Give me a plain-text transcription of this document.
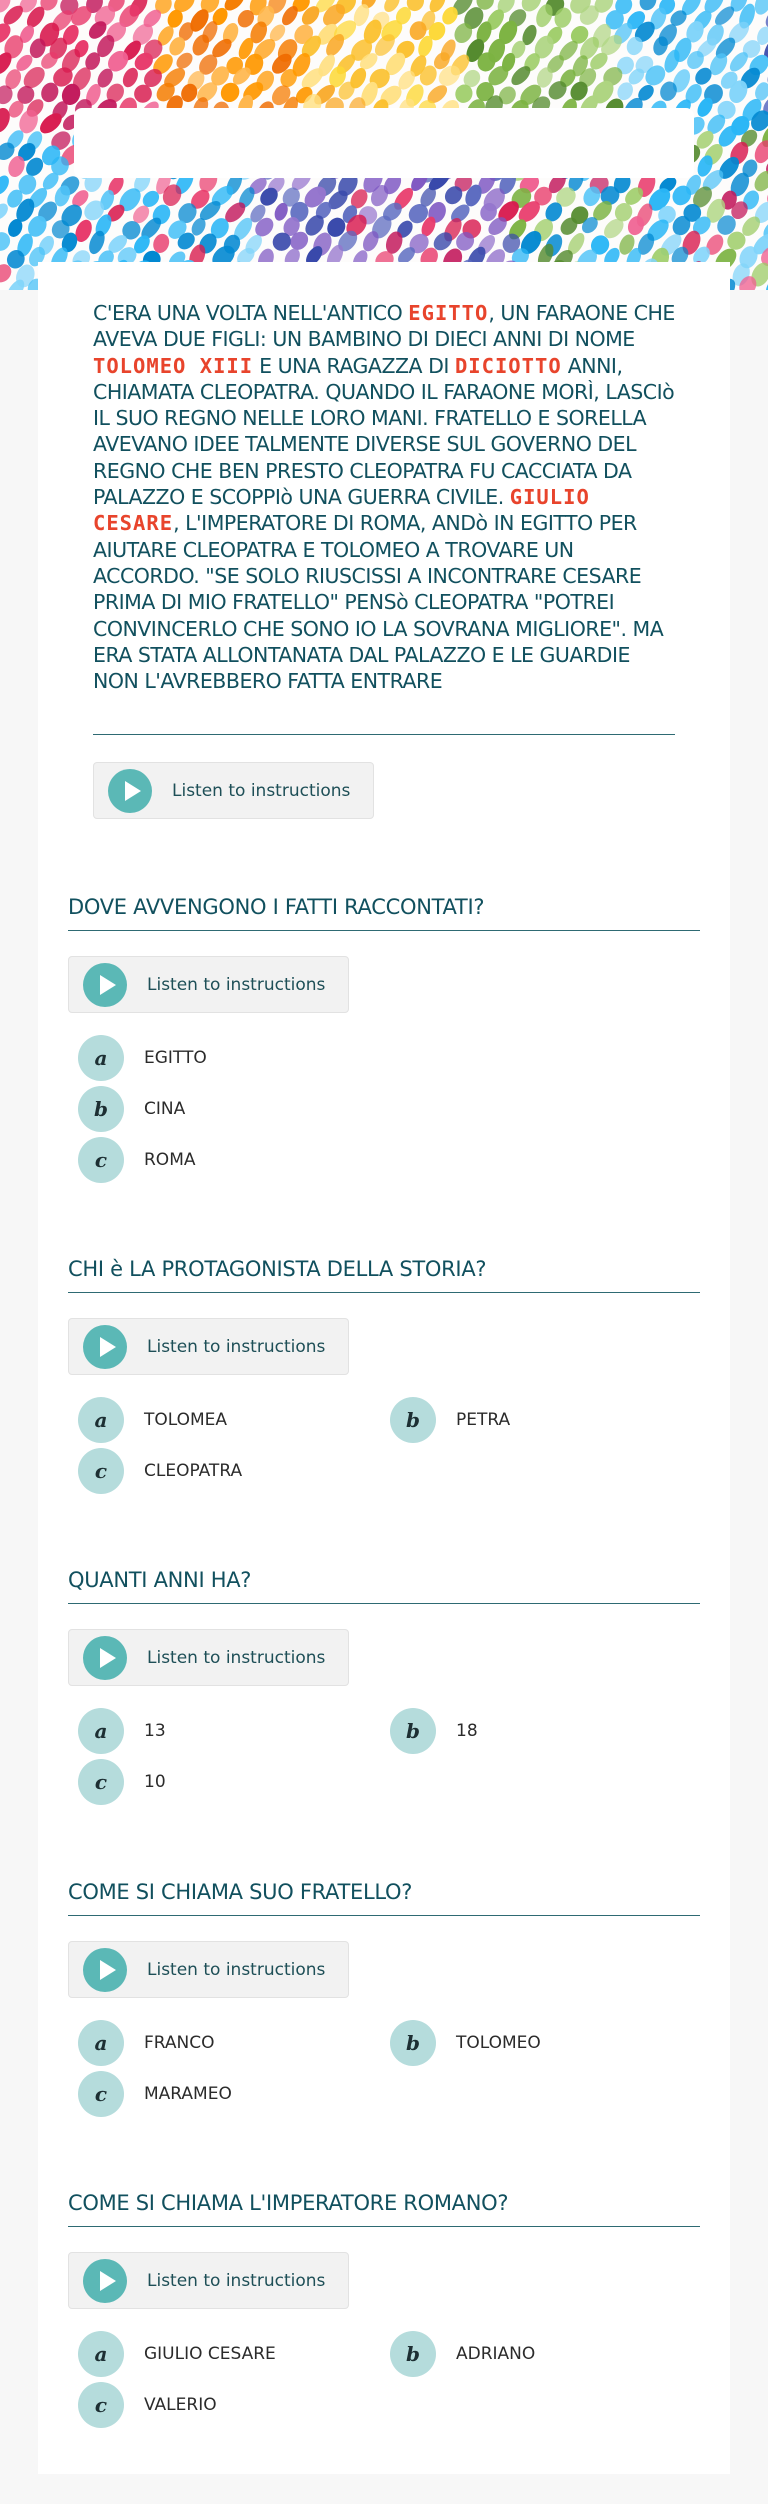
C'ERA UNA VOLTA NELL'ANTICO EGITTO, UN FARAONE CHE AVEVA DUE FIGLI: UN BAMBINO DI DIECI ANNI DI NOME TOLOMEO XIII E UNA RAGAZZA DI DICIOTTO ANNI, CHIAMATA CLEOPATRA. QUANDO IL FARAONE MORÌ, LASCIò IL SUO REGNO NELLE LORO MANI. FRATELLO E SORELLA AVEVANO IDEE TALMENTE DIVERSE SUL GOVERNO DEL REGNO CHE BEN PRESTO CLEOPATRA FU CACCIATA DA PALAZZO E SCOPPIò UNA GUERRA CIVILE. GIULIO CESARE, L'IMPERATORE DI ROMA, ANDò IN EGITTO PER AIUTARE CLEOPATRA E TOLOMEO A TROVARE UN ACCORDO. "SE SOLO RIUSCISSI A INCONTRARE CESARE PRIMA DI MIO FRATELLO" PENSò CLEOPATRA "POTREI CONVINCERLO CHE SONO IO LA SOVRANA MIGLIORE". MA ERA STATA ALLONTANATA DAL PALAZZO E LE GUARDIE NON L'AVREBBERO FATTA ENTRARE
Listen to instructions
DOVE AVVENGONO I FATTI RACCONTATI?
Listen to instructions
a	EGITTO
b	CINA
c	ROMA
CHI è LA PROTAGONISTA DELLA STORIA?
Listen to instructions
a	TOLOMEA	b	PETRA
c	CLEOPATRA
QUANTI ANNI HA?
Listen to instructions
a	13	b	18
c	10
COME SI CHIAMA SUO FRATELLO?
Listen to instructions
a	FRANCO	b	TOLOMEO
c	MARAMEO
COME SI CHIAMA L'IMPERATORE ROMANO?
Listen to instructions
a	GIULIO CESARE	b	ADRIANO
c	VALERIO
